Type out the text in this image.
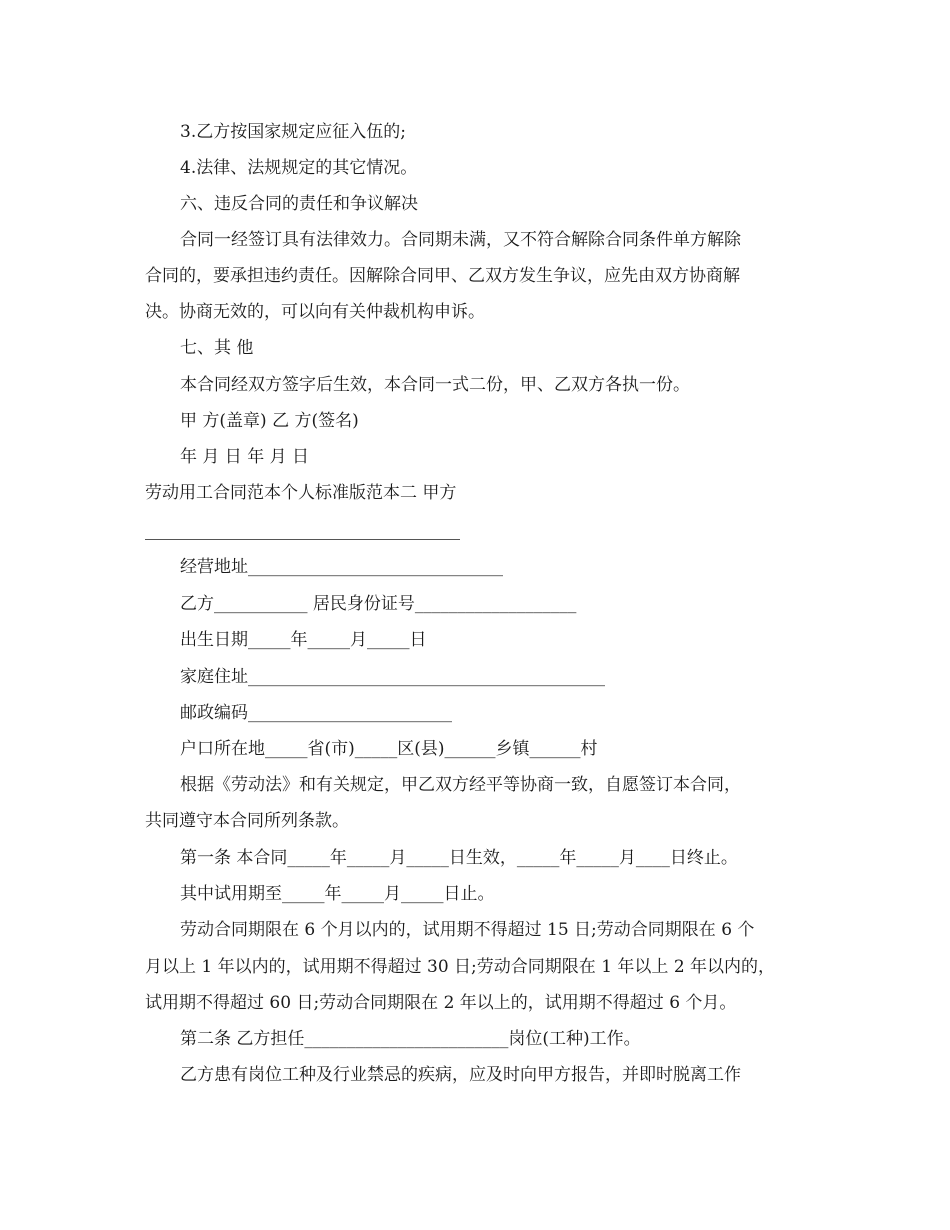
3.乙方按国家规定应征入伍的;
4.法律、法规规定的其它情况。
六、违反合同的责任和争议解决
合同一经签订具有法律效力。合同期未满，又不符合解除合同条件单方解除
合同的，要承担违约责任。因解除合同甲、乙双方发生争议，应先由双方协商解
决。协商无效的，可以向有关仲裁机构申诉。
七、其 他
本合同经双方签字后生效，本合同一式二份，甲、乙双方各执一份。
甲 方(盖章) 乙 方(签名)
年 月 日 年 月 日
劳动用工合同范本个人标准版范本二 甲方
经营地址______________________________
乙方___________ 居民身份证号___________________
出生日期_____年_____月_____日
家庭住址__________________________________________
邮政编码________________________
户口所在地_____省(市)_____区(县)______乡镇______村
根据《劳动法》和有关规定，甲乙双方经平等协商一致，自愿签订本合同，
共同遵守本合同所列条款。
第一条 本合同_____年_____月_____日生效，_____年_____月____日终止。
其中试用期至_____年_____月_____日止。
劳动合同期限在 6 个月以内的，试用期不得超过 15 日;劳动合同期限在 6 个
月以上 1 年以内的，试用期不得超过 30 日;劳动合同期限在 1 年以上 2 年以内的，
试用期不得超过 60 日;劳动合同期限在 2 年以上的，试用期不得超过 6 个月。
第二条 乙方担任________________________岗位(工种)工作。
乙方患有岗位工种及行业禁忌的疾病，应及时向甲方报告，并即时脱离工作
